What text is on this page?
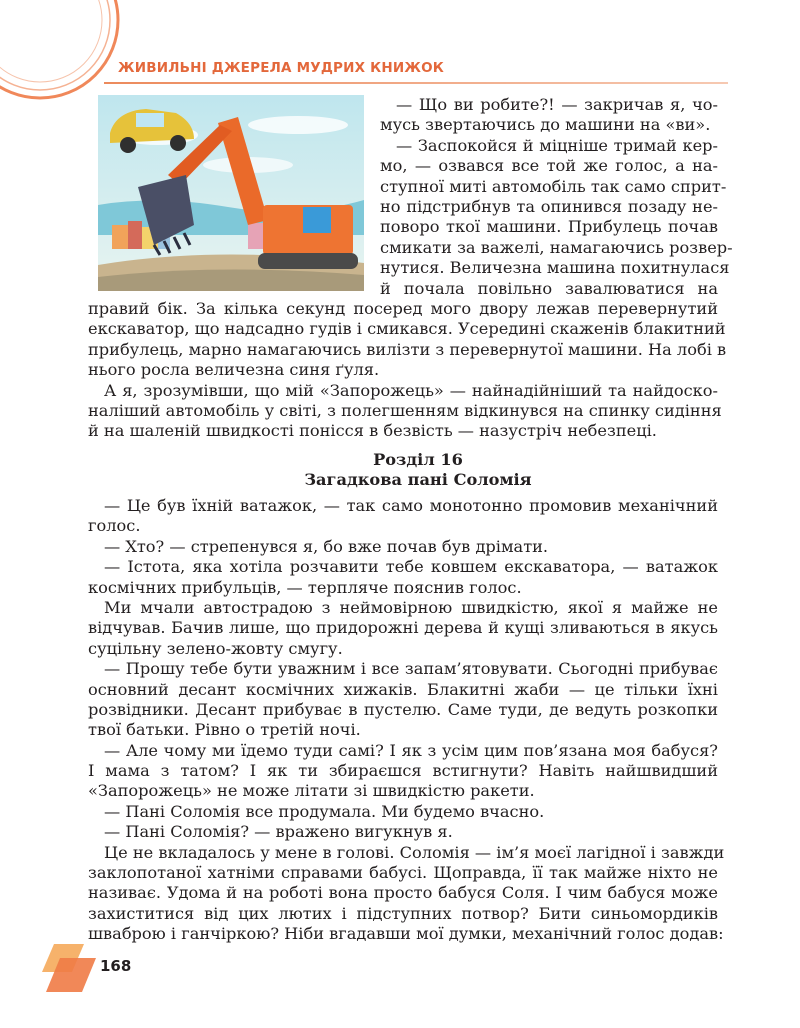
ЖИВИЛЬНІ ДЖЕРЕЛА МУДРИХ КНИЖОК
— Що ви робите?! — закричав я, чо-
мусь звертаючись до машини на «ви».
— Заспокойся й міцніше тримай кер-
мо, — озвався все той же голос, а на-
ступної миті автомобіль так само сприт-
но підстрибнув та опинився позаду не-
поворо ткої машини. Прибулець почав
смикати за важелі, намагаючись розвер-
нутися. Величезна машина похитнулася
й почала повільно завалюватися на
правий бік. За кілька секунд посеред мого двору лежав перевернутий
екскаватор, що надсадно гудів і смикався. Усередині скаженів блакитний
прибулець, марно намагаючись вилізти з перевернутої машини. На лобі в
нього росла величезна синя ґуля.
А я, зрозумівши, що мій «Запорожець» — найнадійніший та найдоско-
наліший автомобіль у світі, з полегшенням відкинувся на спинку сидіння
й на шаленій швидкості понісся в безвість — назустріч небезпеці.
Розділ 16
Загадкова пані Соломія
— Це був їхній ватажок, — так само монотонно промовив механічний
голос.
— Хто? — стрепенувся я, бо вже почав був дрімати.
— Істота, яка хотіла розчавити тебе ковшем екскаватора, — ватажок
космічних прибульців, — терпляче пояснив голос.
Ми мчали автострадою з неймовірною швидкістю, якої я майже не
відчував. Бачив лише, що придорожні дерева й кущі зливаються в якусь
суцільну зелено-жовту смугу.
— Прошу тебе бути уважним і все запам’ятовувати. Сьогодні прибуває
основний десант космічних хижаків. Блакитні жаби — це тільки їхні
розвідники. Десант прибуває в пустелю. Саме туди, де ведуть розкопки
твої батьки. Рівно о третій ночі.
— Але чому ми їдемо туди самі? І як з усім цим пов’язана моя бабуся?
І мама з татом? І як ти збираєшся встигнути? Навіть найшвидший
«Запорожець» не може літати зі швидкістю ракети.
— Пані Соломія все продумала. Ми будемо вчасно.
— Пані Соломія? — вражено вигукнув я.
Це не вкладалось у мене в голові. Соломія — ім’я моєї лагідної і завжди
заклопотаної хатніми справами бабусі. Щоправда, її так майже ніхто не
називає. Удома й на роботі вона просто бабуся Соля. І чим бабуся може
захиститися від цих лютих і підступних потвор? Бити синьомордиків
шваброю і ганчіркою? Ніби вгадавши мої думки, механічний голос додав:
168
